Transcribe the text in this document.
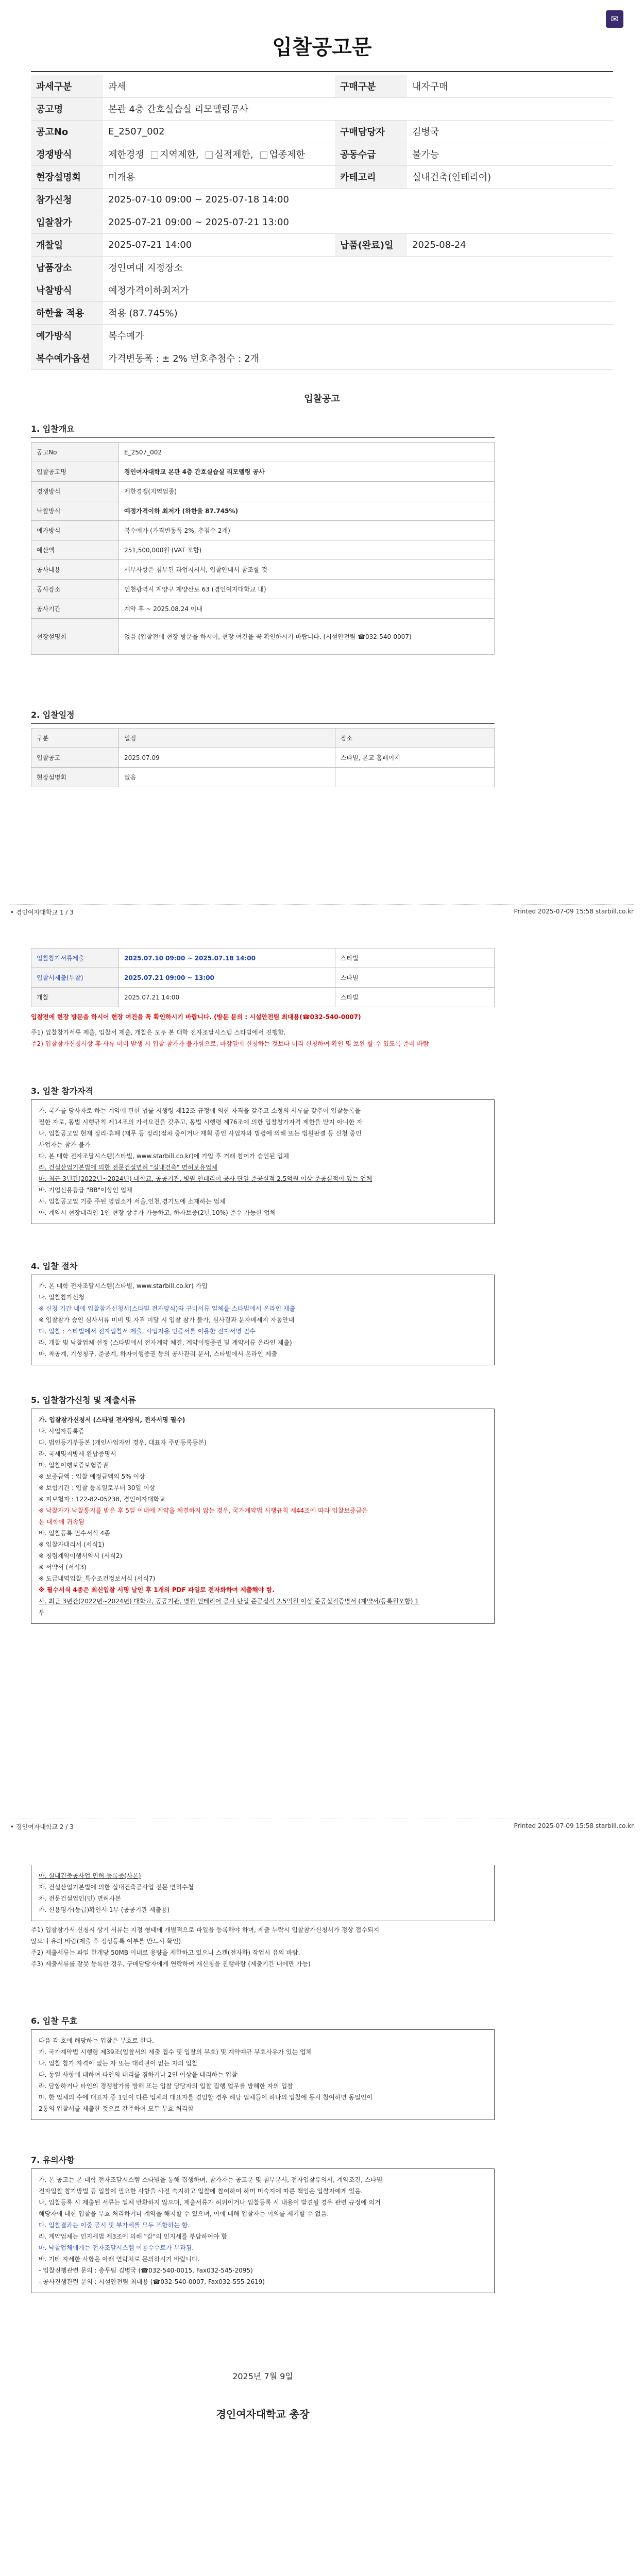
✉
입찰공고문
과세구분	과세	구매구분	내자구매
공고명	본관 4층 간호실습실 리모델링공사		
공고No	E_2507_002	구매담당자	김병국
경쟁방식	제한경쟁 지역제한, 실적제한, 업종제한	공동수급	불가능
현장설명회	미개용	카테고리	실내건축(인테리어)
참가신청	2025-07-10 09:00 ~ 2025-07-18 14:00		
입찰참가	2025-07-21 09:00 ~ 2025-07-21 13:00		
개찰일	2025-07-21 14:00	납품(완료)일	2025-08-24
납품장소	경인여대 지정장소		
낙찰방식	예정가격이하최저가		
하한율 적용	적용 (87.745%)		
예가방식	복수예가		
복수예가옵션	가격변동폭 : ± 2% 번호추첨수 : 2개		
입찰공고
1. 입찰개요
공고No	E_2507_002
입찰공고명	경인여자대학교 본관 4층 간호실습실 리모델링 공사
경쟁방식	제한경쟁(지역업종)
낙찰방식	예정가격이하 최저가 (하한율 87.745%)
예가방식	복수예가 (가격변동폭 2%, 추첨수 2개)
예산액	251,500,000원 (VAT 포함)
공사내용	세부사항은 첨부된 과업지시서, 입찰안내서 참조할 것
공사장소	인천광역시 계양구 계양산로 63 (경인여자대학교 내)
공사기간	계약 후 ~ 2025.08.24 이내
현장설명회	없음 (입찰전에 현장 방문을 하시어, 현장 여건을 꼭 확인하시기 바랍니다. (시설안전팀 ☎032-540-0007)
2. 입찰일정
구분	일정	장소
입찰공고	2025.07.09	스타빌, 본교 홈페이지
현장설명회	없음	
• 경인여자대학교 1 / 3	Printed 2025-07-09 15:58 starbill.co.kr
입찰참가서류제출	2025.07.10 09:00 ~ 2025.07.18 14:00	스타빌
입찰서제출(투찰)	2025.07.21 09:00 ~ 13:00	스타빌
개찰	2025.07.21 14:00	스타빌
입찰전에 현장 방문을 하시어 현장 여건을 꼭 확인하시기 바랍니다. (방문 문의 : 시설안전팀 최대용(☎032-540-0007)
주1) 입찰참가서류 제출, 입찰서 제출, 개찰은 모두 본 대학 전자조달시스템 스타빌에서 진행함.
주2) 입찰참가신청서상 휴·사류 미비 발생 시 입찰 참가가 불가함으로, 마감일에 신청하는 것보다 미리 신청하여 확인 및 보완 할 수 있도록 준비 바람
3. 입찰 참가자격
가. 국가를 당사자로 하는 계약에 관한 법률 시행령 제12조 규정에 의한 자격을 갖추고 소정의 서류를 갖추어 입찰등록을
필한 자로, 동법 시행규칙 제14조의 가셔요건을 갖추고, 동법 시행령 제76조에 의한 입찰참가자격 제한을 받지 아니한 자
나. 입찰공고일 현재 정리·휴폐 (재무 등 정리)절차 중이거나 재획 중인 사업자와 법령에 의해 또는 법원판결 등 신청 중인
사업자는 참가 불가
다. 본 대학 전자조달시스템(스타빌, www.starbill.co.kr)에 가입 후 거래 참여가 승인된 업체
라. 건설산업기본법에 의한 전문건설면허 "실내건축" 면허보유업체
마. 최근 3년간(2022년~2024년) 대학교, 공공기관, 병원 인테리어 공사 단일 준공실적 2.5억원 이상 준공실적이 있는 업체
바. 기업신용등급 "BB"이상인 업체
사. 입찰공고일 기준 주된 영업소가 서울,인천,경기도에 소재하는 업체
아. 계약시 현장대리인 1인 현장 상주가 가능하고, 하자보증(2년,10%) 준수 가능한 업체
4. 입찰 절차
가. 본 대학 전자조달시스템(스타빌, www.starbill.co.kr) 가입
나. 입찰참가신청
※ 신청 기간 내에 입찰참가신청서(스타빌 전자양식)와 구비서류 일체를 스타빌에서 온라인 제출
※ 입찰참가 승인 심사서류 미비 및 자격 미달 시 입찰 참가 불가, 심사결과 문자메세지 자동안내
다. 입찰 : 스타빌에서 전자입찰서 제출, 사업자용 인증서를 이용한 전자서명 필수
라. 개찰 및 낙찰업체 선정 (스타빌에서 전자계약 체결, 계약이행증권 및 계약서류 온라인 제출)
마. 착공계, 기성청구, 준공계, 하자이행증권 등의 공사관리 문서, 스타빌에서 온라인 제출
5. 입찰참가신청 및 제출서류
가. 입찰참가신청서 (스타빌 전자양식, 전자서명 필수)
나. 사업자등록증
다. 법인등기부등본 (개인사업자인 경우, 대표자 주민등록등본)
라. 국세및지방세 완납증명서
마. 입찰이행보증보험증권
※ 보증금액 : 입찰 예정금액의 5% 이상
※ 보험기간 : 입찰 등록일로부터 30일 이상
※ 피보험자 : 122-82-05238, 경인여자대학교
※ 낙찰자가 낙찰통지를 받은 후 5일 이내에 계약을 체결하지 않는 경우, 국가계약법 시행규칙 제44조에 따라 입찰보증금은
본 대학에 귀속됨
바. 입찰등록 필수서식 4종
※ 입찰자대리서 (서식1)
※ 청렴계약이행서약서 (서식2)
※ 서약서 (서식3)
※ 도급내역입찰_특수조건정보서식 (서식7)
※ 필수서식 4종은 최신입찰 서명 날인 후 1개의 PDF 파일로 전자화하여 제출해야 함.
사. 최근 3년간(2022년~2024년) 대학교, 공공기관, 병원 인테리어 공사 단일 준공실적 2.5억원 이상 준공실적증명서 (계약서/등록원포함) 1
부
• 경인여자대학교 2 / 3	Printed 2025-07-09 15:58 starbill.co.kr
아. 실내건축공사업 면허 등록증(사본)
자. 건설산업기본법에 의한 실내건축공사업 전문 면허수첩
차. 전문건설업인(민) 면허사본
카. 신용평가(등급)확인서 1부 (공공기관 제출용)
주1) 입찰참가서 신청시 상기 서류는 지정 형태에 개별적으로 파일을 등록해야 하며, 제출 누락시 입찰참가신청서가 정상 접수되지
않으니 유의 바람(제출 후 정상등록 여부를 반드시 확인)
주2) 제출서류는 파일 한개당 50MB 이내로 용량을 제한하고 있으니 스캔(전자화) 작업시 유의 바람.
주3) 제출서류를 잘못 등록한 경우, 구매담당자에게 연락하여 재신청을 진행바람 (제출기간 내에만 가능)
6. 입찰 무효
다음 각 호에 해당하는 입찰은 무효로 한다.
가. 국가계약법 시행령 제39조(입찰서의 제출 접수 및 입찰의 무효) 및 계약예규 무효사유가 있는 업체
나. 입찰 참가 자격이 없는 자 또는 대리권이 없는 자의 입찰
다. 동일 사항에 대하여 타인의 대리를 겸하거나 2인 이상을 대리하는 입찰
라. 담합하거나 타인의 경쟁참가를 방해 또는 입찰 당당자의 입찰 집행 업무를 방해한 자의 입찰
마. 한 업체의 수에 대표자 중 1인이 다른 업체의 대표자를 겸임할 경우 해당 업체들이 하나의 입찰에 동시 참여하면 동일인이
2통의 입찰서를 제출한 것으로 간주하여 모두 무효 처리함
7. 유의사항
가. 본 공고는 본 대학 전자조달시스템 스타빌을 통해 집행하며, 참가자는 공고문 및 첨부문서, 전자입찰유의서, 계약조건, 스타빌
전자입찰 참가방법 등 입찰에 필요한 사항을 사전 숙지하고 입찰에 참여하여 하며 미숙지에 따른 책임은 입찰자에게 있음.
나. 입찰등록 시 제출된 서류는 일체 반환하지 않으며, 제출서류가 허위이거나 입찰등록 시 내용이 발견될 경우 관련 규정에 의거
해당자에 대한 입찰을 무효 처리하거나 계약을 해지할 수 있으며, 이에 대해 입찰자는 이의를 제기할 수 없음.
다. 입찰결과는 이중 공시 및 부가세를 모두 포함하는 함.
라. 계약업체는 인지세법 제3조에 의해 "갑"의 인지세를 부담하여야 함
마. 낙찰업체에게는 전자조달시스템 이용수수료가 부과됨.
바. 기타 자세한 사항은 아래 연락처로 문의하시기 바랍니다.
- 입찰진행관련 문의 : 총무팀 김병국 (☎032-540-0015, Fax032-545-2095)
- 공사진행관련 문의 : 시설안전팀 최대용 (☎032-540-0007, Fax032-555-2619)
2025년 7월 9일
경인여자대학교 총장
